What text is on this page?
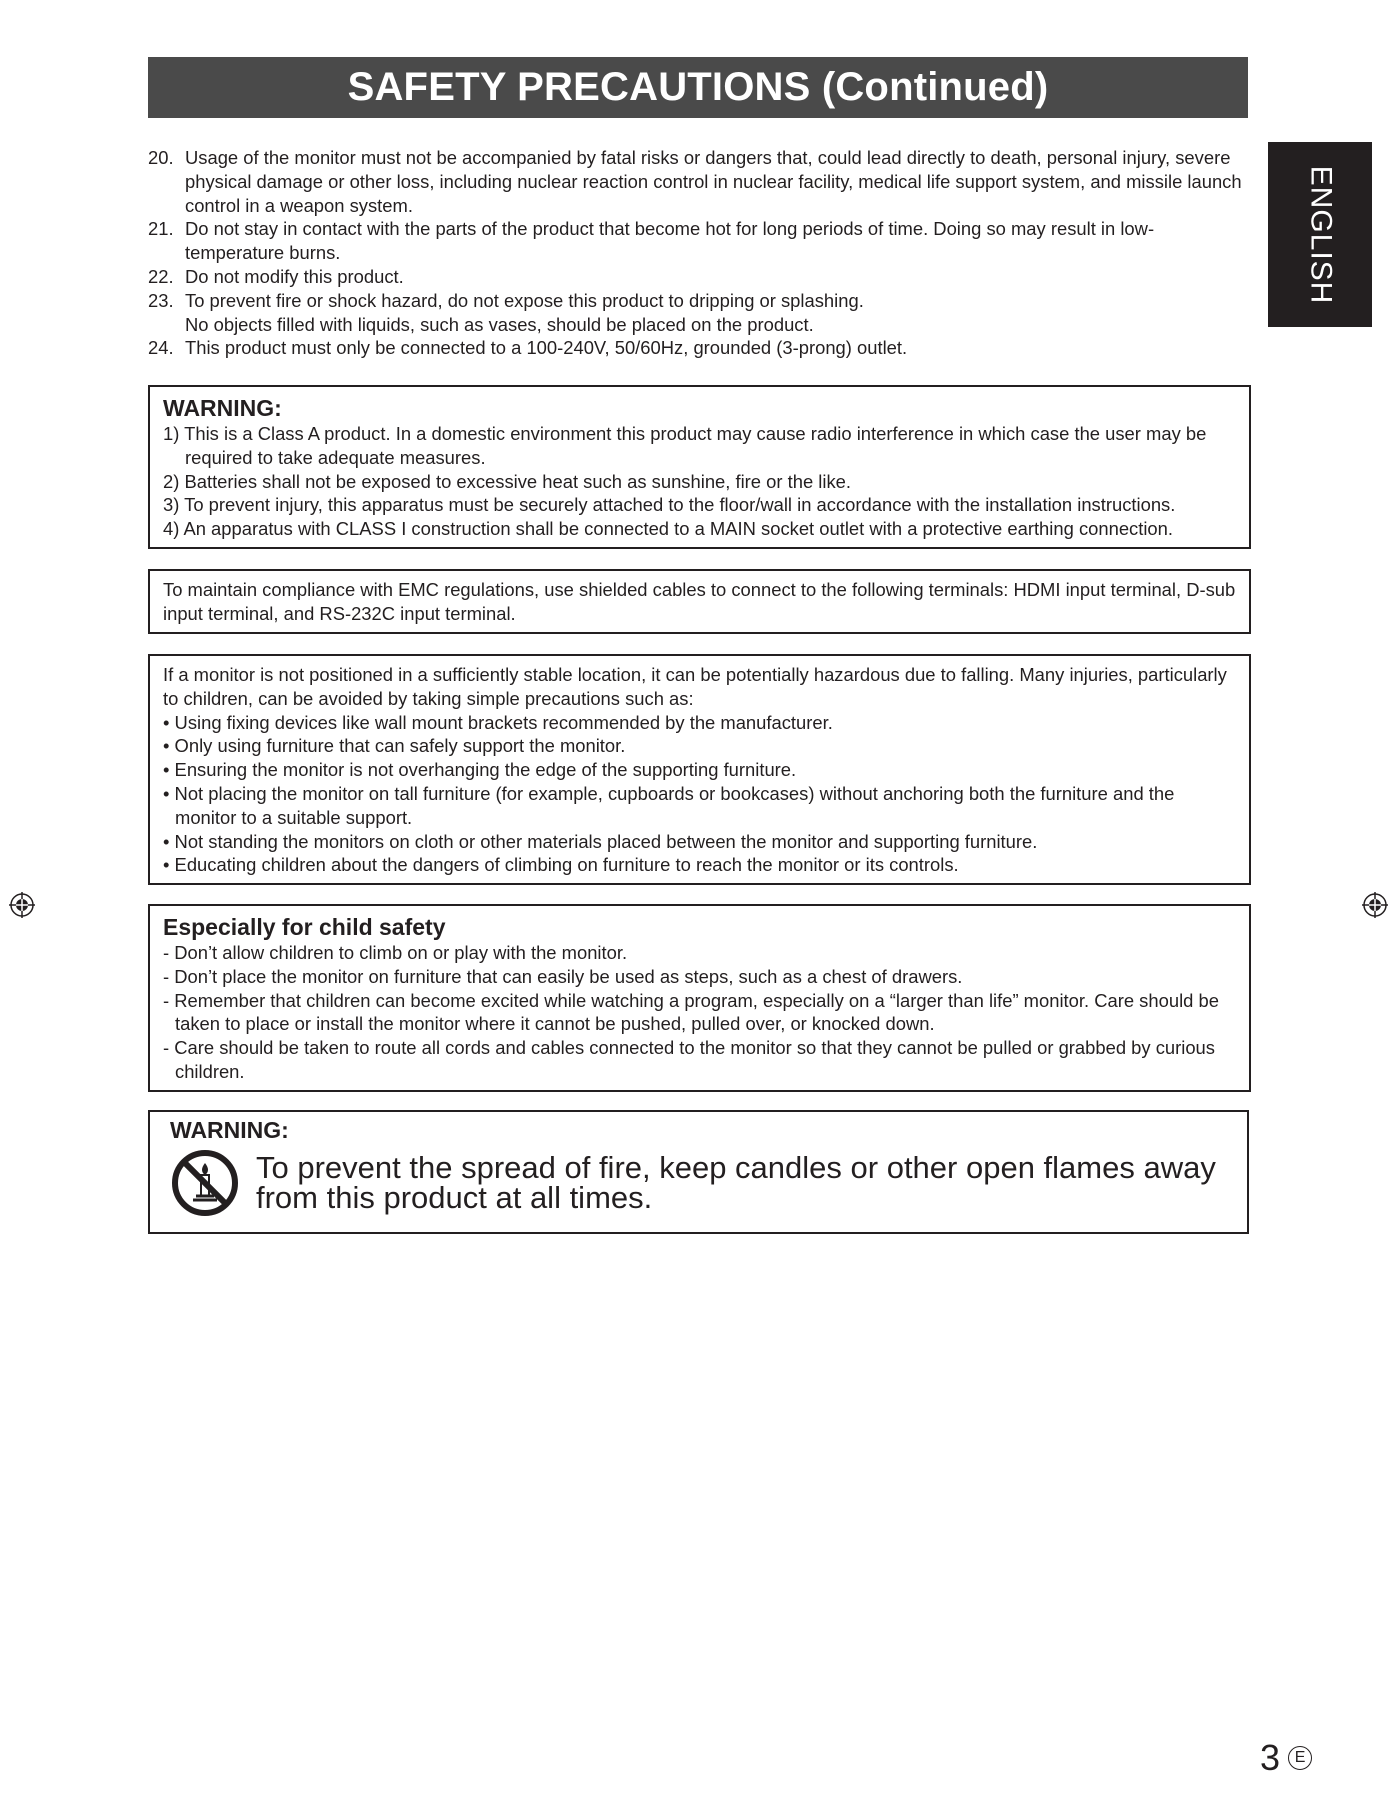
SAFETY PRECAUTIONS (Continued)
ENGLISH
20. Usage of the monitor must not be accompanied by fatal risks or dangers that, could lead directly to death, personal injury, severe physical damage or other loss, including nuclear reaction control in nuclear facility, medical life support system, and missile launch control in a weapon system.
21. Do not stay in contact with the parts of the product that become hot for long periods of time. Doing so may result in low-temperature burns.
22. Do not modify this product.
23. To prevent fire or shock hazard, do not expose this product to dripping or splashing.
No objects filled with liquids, such as vases, should be placed on the product.
24. This product must only be connected to a 100-240V, 50/60Hz, grounded (3-prong) outlet.
WARNING:
1) This is a Class A product. In a domestic environment this product may cause radio interference in which case the user may be required to take adequate measures.
2) Batteries shall not be exposed to excessive heat such as sunshine, fire or the like.
3) To prevent injury, this apparatus must be securely attached to the floor/wall in accordance with the installation instructions.
4) An apparatus with CLASS I construction shall be connected to a MAIN socket outlet with a protective earthing connection.
To maintain compliance with EMC regulations, use shielded cables to connect to the following terminals: HDMI input terminal, D-sub input terminal, and RS-232C input terminal.
If a monitor is not positioned in a sufficiently stable location, it can be potentially hazardous due to falling. Many injuries, particularly to children, can be avoided by taking simple precautions such as:
• Using fixing devices like wall mount brackets recommended by the manufacturer.
• Only using furniture that can safely support the monitor.
• Ensuring the monitor is not overhanging the edge of the supporting furniture.
• Not placing the monitor on tall furniture (for example, cupboards or bookcases) without anchoring both the furniture and the monitor to a suitable support.
• Not standing the monitors on cloth or other materials placed between the monitor and supporting furniture.
• Educating children about the dangers of climbing on furniture to reach the monitor or its controls.
Especially for child safety
- Don’t allow children to climb on or play with the monitor.
- Don’t place the monitor on furniture that can easily be used as steps, such as a chest of drawers.
- Remember that children can become excited while watching a program, especially on a “larger than life” monitor. Care should be taken to place or install the monitor where it cannot be pushed, pulled over, or knocked down.
- Care should be taken to route all cords and cables connected to the monitor so that they cannot be pulled or grabbed by curious children.
WARNING:
To prevent the spread of fire, keep candles or other open flames away from this product at all times.
3 E
